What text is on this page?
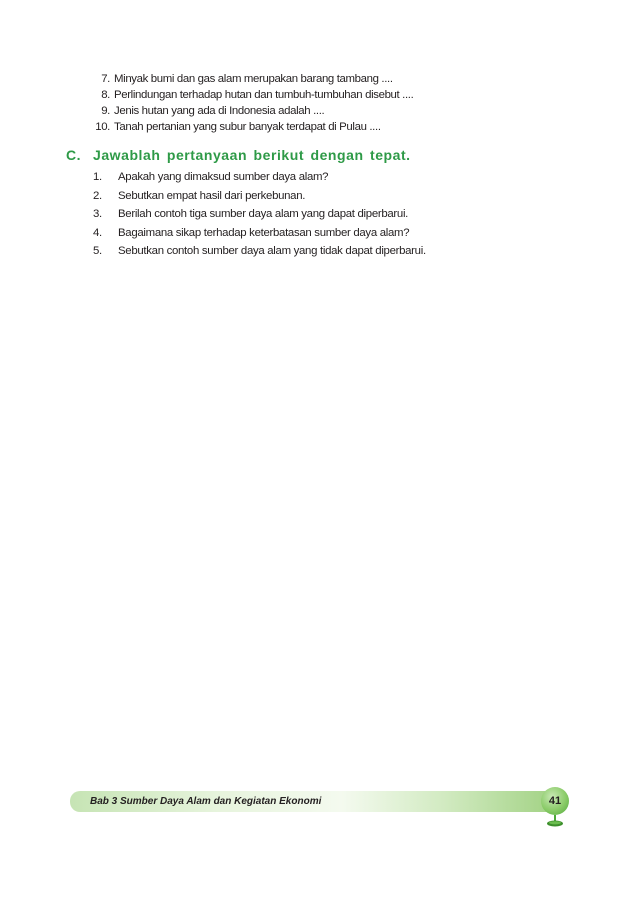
7. Minyak bumi dan gas alam merupakan barang tambang ....
8. Perlindungan terhadap hutan dan tumbuh-tumbuhan disebut ....
9. Jenis hutan yang ada di Indonesia adalah ....
10. Tanah pertanian yang subur banyak terdapat di Pulau ....
C. Jawablah pertanyaan berikut dengan tepat.
1.	Apakah yang dimaksud sumber daya alam?
2.	Sebutkan empat hasil dari perkebunan.
3.	Berilah contoh tiga sumber daya alam yang dapat diperbarui.
4.	Bagaimana sikap terhadap keterbatasan sumber daya alam?
5.	Sebutkan contoh sumber daya alam yang tidak dapat diperbarui.
Bab 3 Sumber Daya Alam dan Kegiatan Ekonomi	41
